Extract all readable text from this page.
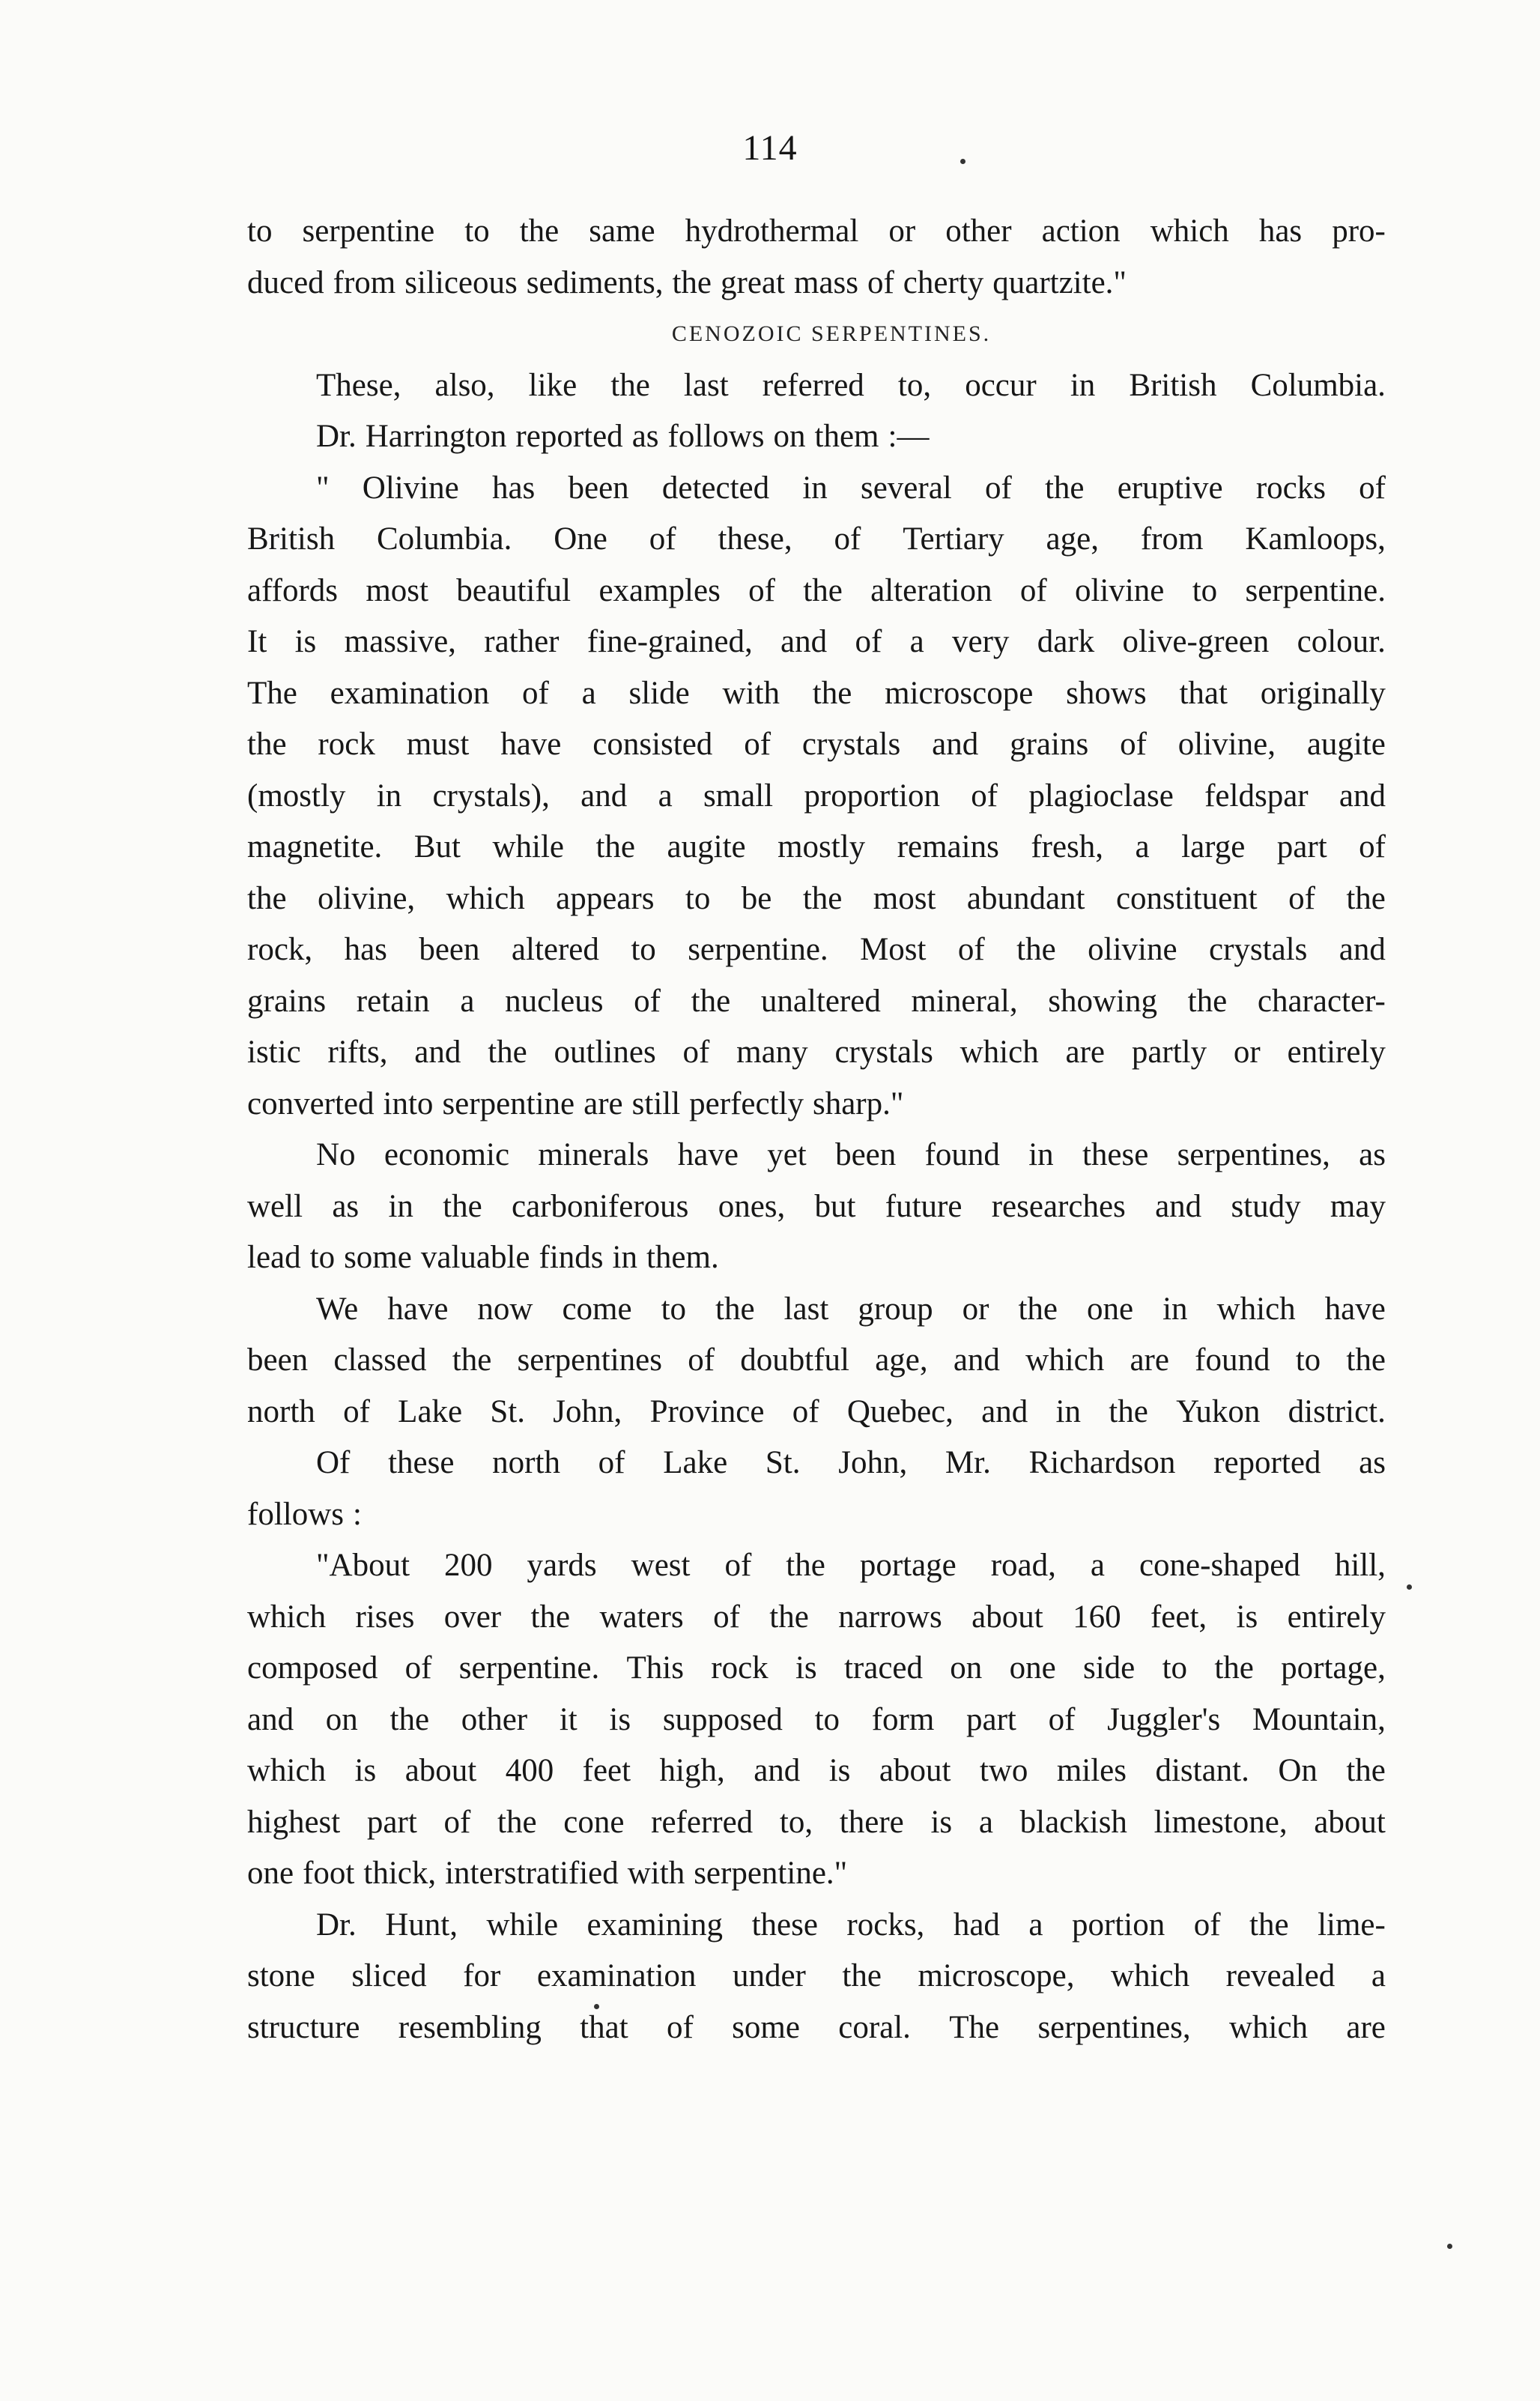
114
to serpentine to the same hydrothermal or other action which has pro-
duced from siliceous sediments, the great mass of cherty quartzite."
CENOZOIC SERPENTINES.
These, also, like the last referred to, occur in British Columbia.
Dr. Harrington reported as follows on them :—
" Olivine has been detected in several of the eruptive rocks of
British Columbia. One of these, of Tertiary age, from Kamloops,
affords most beautiful examples of the alteration of olivine to serpentine.
It is massive, rather fine-grained, and of a very dark olive-green colour.
The examination of a slide with the microscope shows that originally
the rock must have consisted of crystals and grains of olivine, augite
(mostly in crystals), and a small proportion of plagioclase feldspar and
magnetite. But while the augite mostly remains fresh, a large part of
the olivine, which appears to be the most abundant constituent of the
rock, has been altered to serpentine. Most of the olivine crystals and
grains retain a nucleus of the unaltered mineral, showing the character-
istic rifts, and the outlines of many crystals which are partly or entirely
converted into serpentine are still perfectly sharp."
No economic minerals have yet been found in these serpentines, as
well as in the carboniferous ones, but future researches and study may
lead to some valuable finds in them.
We have now come to the last group or the one in which have
been classed the serpentines of doubtful age, and which are found to the
north of Lake St. John, Province of Quebec, and in the Yukon district.
Of these north of Lake St. John, Mr. Richardson reported as
follows :
"About 200 yards west of the portage road, a cone-shaped hill,
which rises over the waters of the narrows about 160 feet, is entirely
composed of serpentine. This rock is traced on one side to the portage,
and on the other it is supposed to form part of Juggler's Mountain,
which is about 400 feet high, and is about two miles distant. On the
highest part of the cone referred to, there is a blackish limestone, about
one foot thick, interstratified with serpentine."
Dr. Hunt, while examining these rocks, had a portion of the lime-
stone sliced for examination under the microscope, which revealed a
structure resembling that of some coral. The serpentines, which are
